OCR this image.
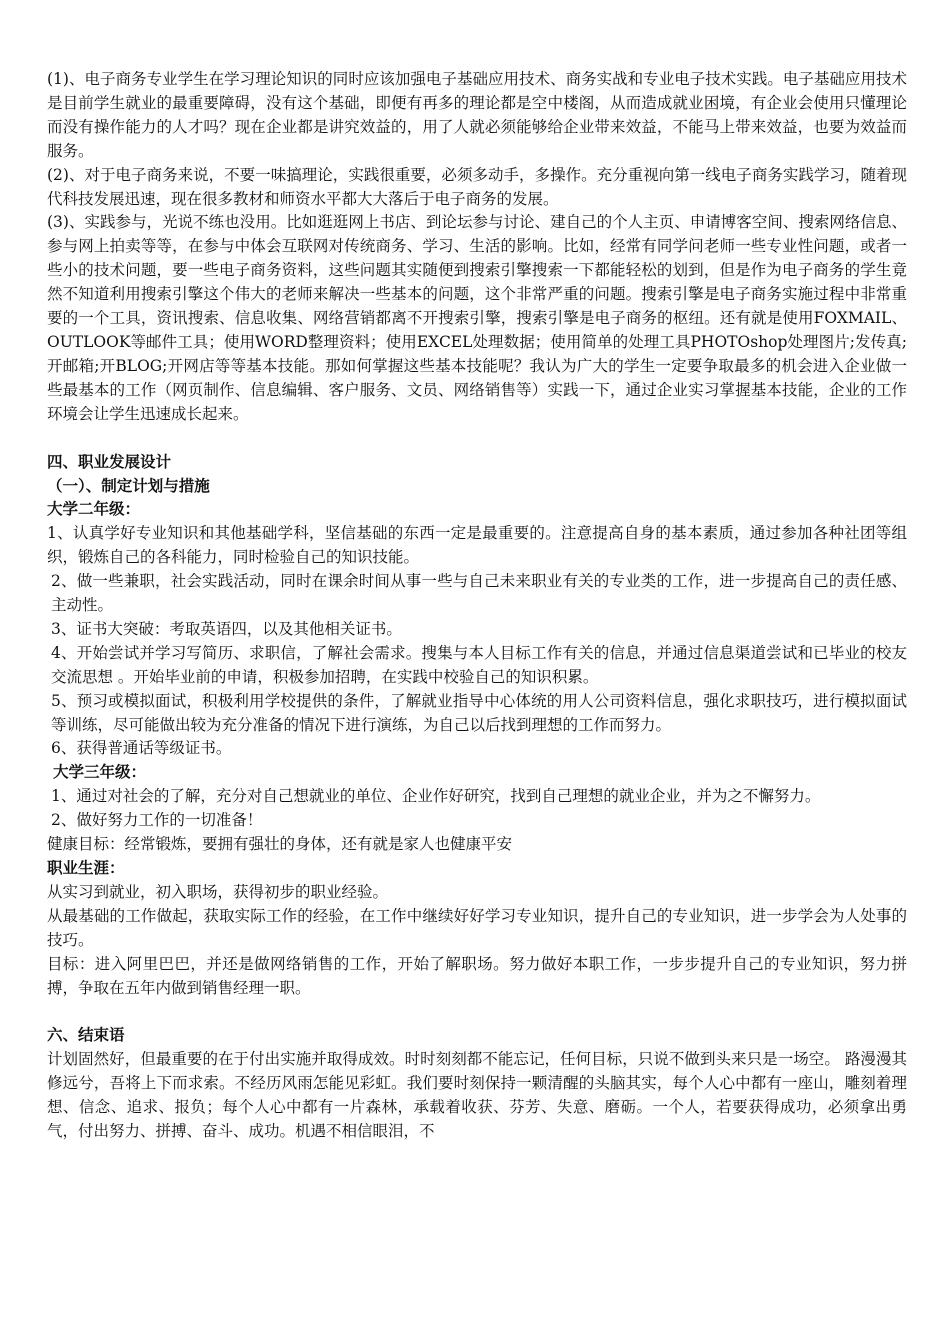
(1)、电子商务专业学生在学习理论知识的同时应该加强电子基础应用技术、商务实战和专业电子技术实践。电子基础应用技术是目前学生就业的最重要障碍，没有这个基础，即便有再多的理论都是空中楼阁，从而造成就业困境，有企业会使用只懂理论而没有操作能力的人才吗？现在企业都是讲究效益的，用了人就必须能够给企业带来效益，不能马上带来效益，也要为效益而服务。

(2)、对于电子商务来说，不要一味搞理论，实践很重要，必须多动手，多操作。充分重视向第一线电子商务实践学习，随着现代科技发展迅速，现在很多教材和师资水平都大大落后于电子商务的发展。

(3)、实践参与，光说不练也没用。比如逛逛网上书店、到论坛参与讨论、建自己的个人主页、申请博客空间、搜索网络信息、参与网上拍卖等等，在参与中体会互联网对传统商务、学习、生活的影响。比如，经常有同学问老师一些专业性问题，或者一些小的技术问题，要一些电子商务资料，这些问题其实随便到搜索引擎搜索一下都能轻松的划到，但是作为电子商务的学生竟然不知道利用搜索引擎这个伟大的老师来解决一些基本的问题，这个非常严重的问题。搜索引擎是电子商务实施过程中非常重要的一个工具，资讯搜索、信息收集、网络营销都离不开搜索引擎，搜索引擎是电子商务的枢纽。还有就是使用FOXMAIL、OUTLOOK等邮件工具；使用WORD整理资料；使用EXCEL处理数据；使用简单的处理工具PHOTOshop处理图片;发传真;开邮箱;开BLOG;开网店等等基本技能。那如何掌握这些基本技能呢？我认为广大的学生一定要争取最多的机会进入企业做一些最基本的工作（网页制作、信息编辑、客户服务、文员、网络销售等）实践一下，通过企业实习掌握基本技能，企业的工作环境会让学生迅速成长起来。

四、职业发展设计

（一）、制定计划与措施

大学二年级：

1、认真学好专业知识和其他基础学科，坚信基础的东西一定是最重要的。注意提高自身的基本素质，通过参加各种社团等组织，锻炼自己的各科能力，同时检验自己的知识技能。

2、做一些兼职，社会实践活动，同时在课余时间从事一些与自己未来职业有关的专业类的工作，进一步提高自己的责任感、主动性。

3、证书大突破：考取英语四，以及其他相关证书。

4、开始尝试并学习写简历、求职信，了解社会需求。搜集与本人目标工作有关的信息，并通过信息渠道尝试和已毕业的校友交流思想 。开始毕业前的申请，积极参加招聘，在实践中校验自己的知识积累。

5、预习或模拟面试，积极利用学校提供的条件，了解就业指导中心体统的用人公司资料信息，强化求职技巧，进行模拟面试等训练，尽可能做出较为充分准备的情况下进行演练，为自己以后找到理想的工作而努力。

6、获得普通话等级证书。

大学三年级：

1、通过对社会的了解，充分对自己想就业的单位、企业作好研究，找到自己理想的就业企业，并为之不懈努力。

2、做好努力工作的一切准备！

健康目标：经常锻炼，要拥有强壮的身体，还有就是家人也健康平安

职业生涯：

从实习到就业，初入职场，获得初步的职业经验。

从最基础的工作做起，获取实际工作的经验，在工作中继续好好学习专业知识，提升自己的专业知识，进一步学会为人处事的技巧。

目标：进入阿里巴巴，并还是做网络销售的工作，开始了解职场。努力做好本职工作，一步步提升自己的专业知识，努力拼搏，争取在五年内做到销售经理一职。

六、结束语

计划固然好，但最重要的在于付出实施并取得成效。时时刻刻都不能忘记，任何目标，只说不做到头来只是一场空。 路漫漫其修远兮，吾将上下而求索。不经历风雨怎能见彩虹。我们要时刻保持一颗清醒的头脑其实，每个人心中都有一座山，雕刻着理想、信念、追求、报负；每个人心中都有一片森林，承载着收获、芬芳、失意、磨砺。一个人，若要获得成功，必须拿出勇气，付出努力、拼搏、奋斗、成功。机遇不相信眼泪，不
